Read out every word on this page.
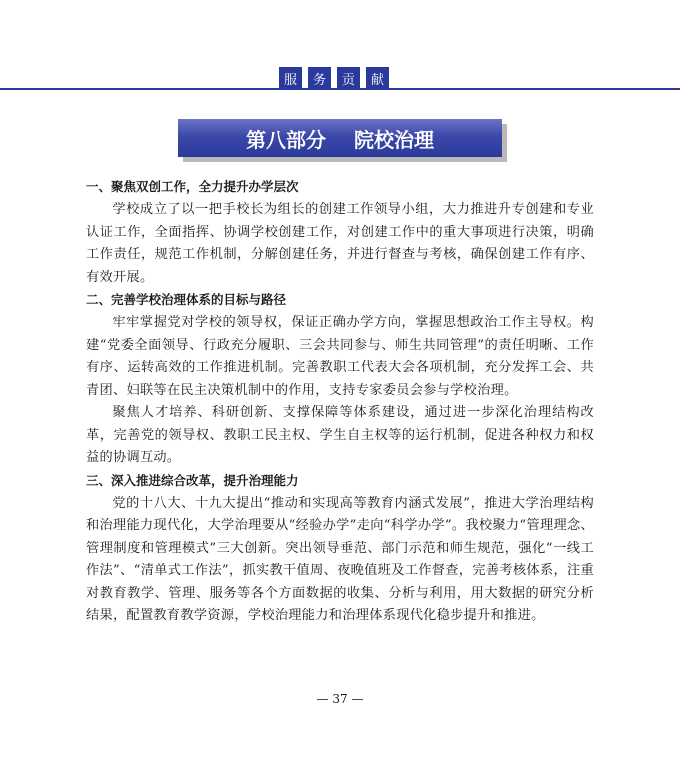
服	务	贡	献
第八部分 院校治理

一、聚焦双创工作，全力提升办学层次

学校成立了以一把手校长为组长的创建工作领导小组，大力推进升专创建和专业认证工作，全面指挥、协调学校创建工作，对创建工作中的重大事项进行决策，明确工作责任，规范工作机制，分解创建任务，并进行督查与考核，确保创建工作有序、有效开展。

二、完善学校治理体系的目标与路径

牢牢掌握党对学校的领导权，保证正确办学方向，掌握思想政治工作主导权。构建“党委全面领导、行政充分履职、三会共同参与、师生共同管理”的责任明晰、工作有序、运转高效的工作推进机制。完善教职工代表大会各项机制，充分发挥工会、共青团、妇联等在民主决策机制中的作用，支持专家委员会参与学校治理。

聚焦人才培养、科研创新、支撑保障等体系建设，通过进一步深化治理结构改革，完善党的领导权、教职工民主权、学生自主权等的运行机制，促进各种权力和权益的协调互动。

三、深入推进综合改革，提升治理能力

党的十八大、十九大提出“推动和实现高等教育内涵式发展”，推进大学治理结构和治理能力现代化，大学治理要从“经验办学”走向“科学办学”。我校聚力“管理理念、管理制度和管理模式”三大创新。突出领导垂范、部门示范和师生规范，强化“一线工作法”、“清单式工作法”，抓实教干值周、夜晚值班及工作督查，完善考核体系，注重对教育教学、管理、服务等各个方面数据的收集、分析与利用，用大数据的研究分析结果，配置教育教学资源，学校治理能力和治理体系现代化稳步提升和推进。

— 37 —
